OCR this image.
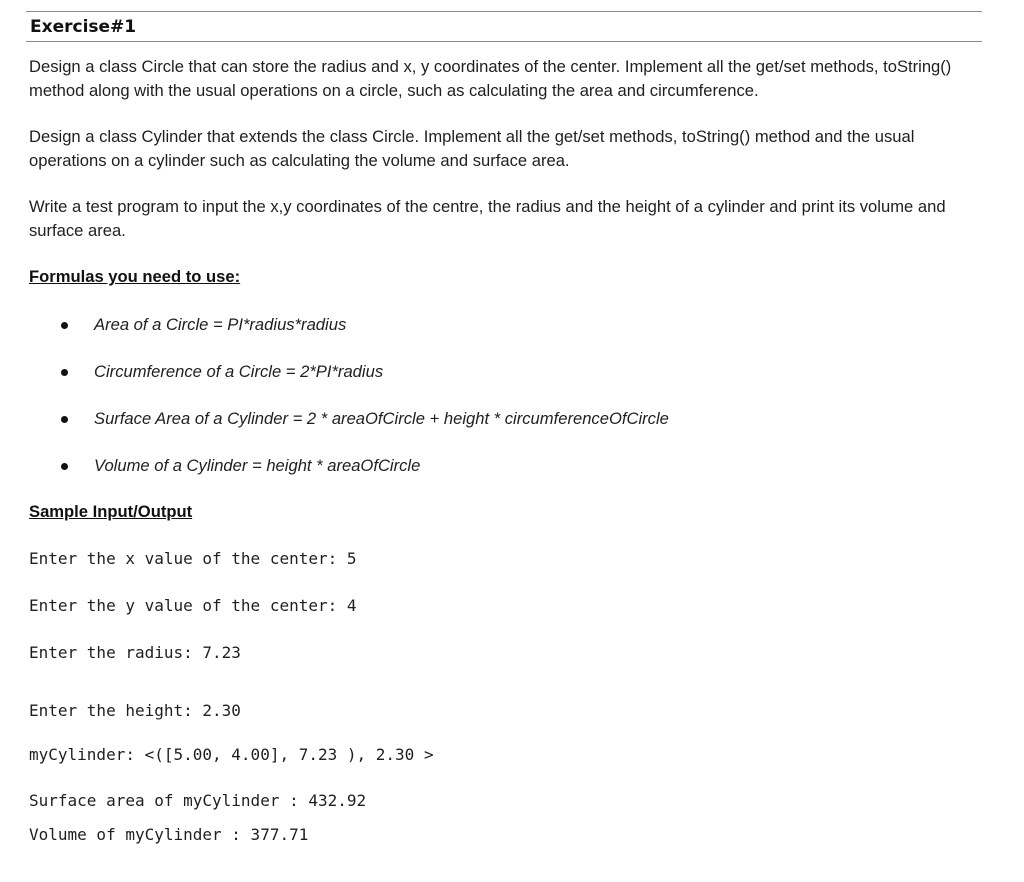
Exercise#1

Design a class Circle that can store the radius and x, y coordinates of the center. Implement all the get/set methods, toString() method along with the usual operations on a circle, such as calculating the area and circumference.

Design a class Cylinder that extends the class Circle. Implement all the get/set methods, toString() method and the usual operations on a cylinder such as calculating the volume and surface area.

Write a test program to input the x,y coordinates of the centre, the radius and the height of a cylinder and print its volume and surface area.

Formulas you need to use:
Area of a Circle = PI*radius*radius
Circumference of a Circle = 2*PI*radius
Surface Area of a Cylinder = 2 * areaOfCircle + height * circumferenceOfCircle
Volume of a Cylinder = height * areaOfCircle
Sample Input/Output
Enter the x value of the center: 5
Enter the y value of the center: 4
Enter the radius: 7.23
Enter the height: 2.30
myCylinder: <([5.00, 4.00], 7.23 ), 2.30 >
Surface area of myCylinder : 432.92
Volume of myCylinder : 377.71
